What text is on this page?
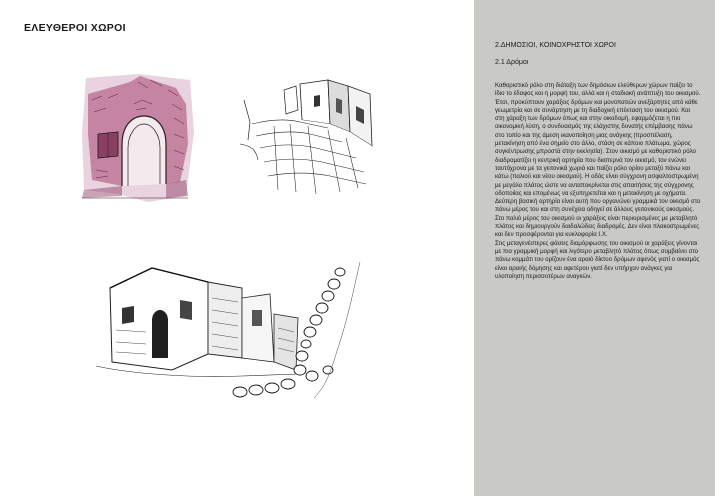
ΕΛΕΥΘΕΡΟΙ ΧΩΡΟΙ
2.ΔΗΜΟΣΙΟΙ, ΚΟΙΝΟΧΡΗΣΤΟΙ ΧΩΡΟΙ
2.1 Δρόμοι

Καθοριστικό ρόλο στη διάταξη των δημόσιων ελεύθερων χώρων παίζει το ίδιο το έδαφος και η μορφή του, αλλά και η σταδιακή ανάπτυξη του οικισμού. Έτσι, προκύπτουν χαράξεις δρόμων και μονοπατιών ανεξάρτητες από κάθε γεωμετρία και σε συνάρτηση με τη διαδοχική επέκταση του οικισμού. Και στη χάραξη των δρόμων όπως και στην οικοδομή, εφαρμόζεται η πιο οικονομική λύση, ο συνδυασμός της ελάχιστης δυνατής επέμβασης πάνω στο τοπίο και της άμεση ικανοποίηση μιας ανάγκης (προσπέλαση, μετακίνηση από ένα σημείο στο άλλο, στάση σε κάποιο πλάτωμα, χώρος συγκέντρωσης μπροστά στην εκκλησία). Στον οικισμό με καθοριστικό ρόλο διαδραματίζει η κεντρική αρτηρία που διαπερνά τον οικισμό, τον ενώνει ταυτόχρονα με τα γειτονικά χωριά και παίζει ρόλο ορίου μεταξύ πάνω και κάτω (παλιού και νέου οικισμού). Η οδός είναι σύγχρονη ασφαλτοστρωμένη με μεγάλο πλάτος ώστε να ανταποκρίνεται στις απαιτήσεις της σύγχρονης οδοποιίας και εποµένως να εξυπηρετείται και η µετακίνηση µε οχήματα. Δεύτερη βασική αρτηρία είναι αυτή που οργανώνει γραμμικά τον οικισμό στο πάνω μέρος του και στη συνέχεια οδηγεί σε άλλους γειτονικούς οικισμούς. Στο παλιό μέρος του οικισμού οι χαράξεις είναι περιορισμένες με μεταβλητό πλάτος και δημιουργούν δαιδαλώδεις διαδρομές. Δεν είναι πλακοστρωμένες και δεν προσφέρονται για κυκλοφορία Ι.Χ.

Στις μεταγενέστερες φάσεις διαμόρφωσης του οικισμού οι χαράξεις γίνονται με πιο γραμμική μορφή και λιγότερο μεταβλητό πλάτος όπως συμβαίνει στο πάνω κομμάτι του ορίζουν ένα αραιό δίκτυο δρόμων αφενός γιατί ο οικισμός είναι αραιής δόμησης και αφετέρου γιατί δεν υπήρχαν ανάγκες για υλοποίηση περισσοτέρων αναγκών.
